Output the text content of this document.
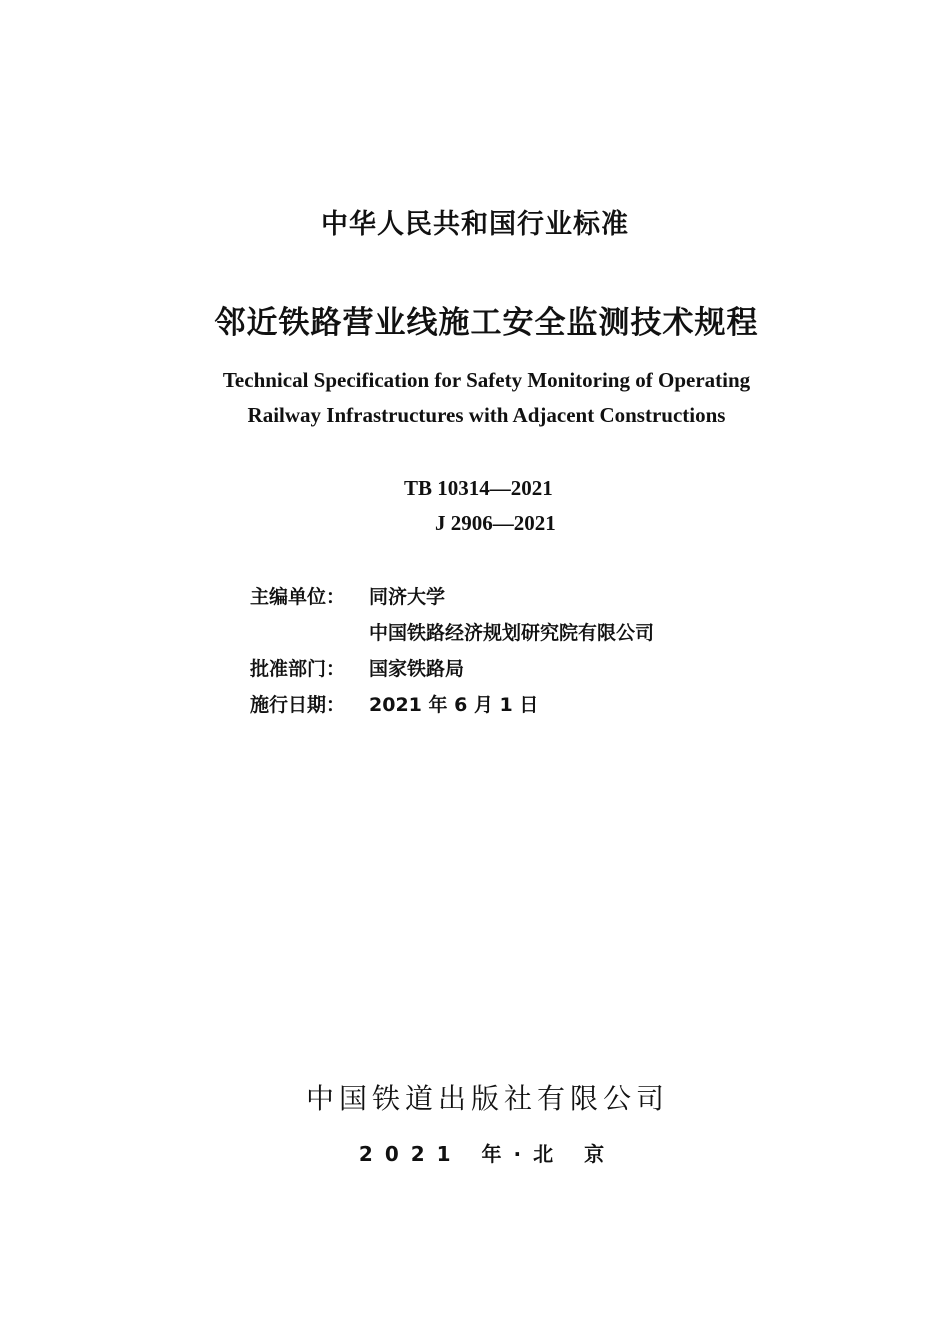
中华人民共和国行业标准
邻近铁路营业线施工安全监测技术规程
Technical Specification for Safety Monitoring of Operating
Railway Infrastructures with Adjacent Constructions
TB 10314—2021
J 2906—2021
主编单位：	同济大学
中国铁路经济规划研究院有限公司
批准部门：	国家铁路局
施行日期：	2021 年 6 月 1 日
中国铁道出版社有限公司
2021 年·北 京
